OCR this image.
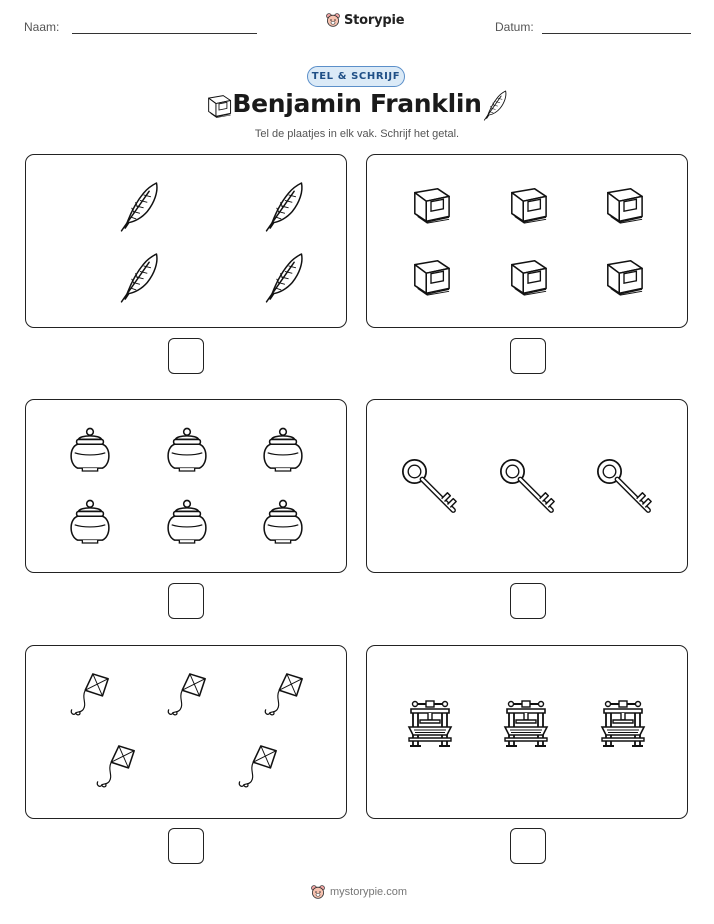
Naam:	Storypie	Datum:
TEL & SCHRIJF
Benjamin Franklin
Tel de plaatjes in elk vak. Schrijf het getal.
mystorypie.com
